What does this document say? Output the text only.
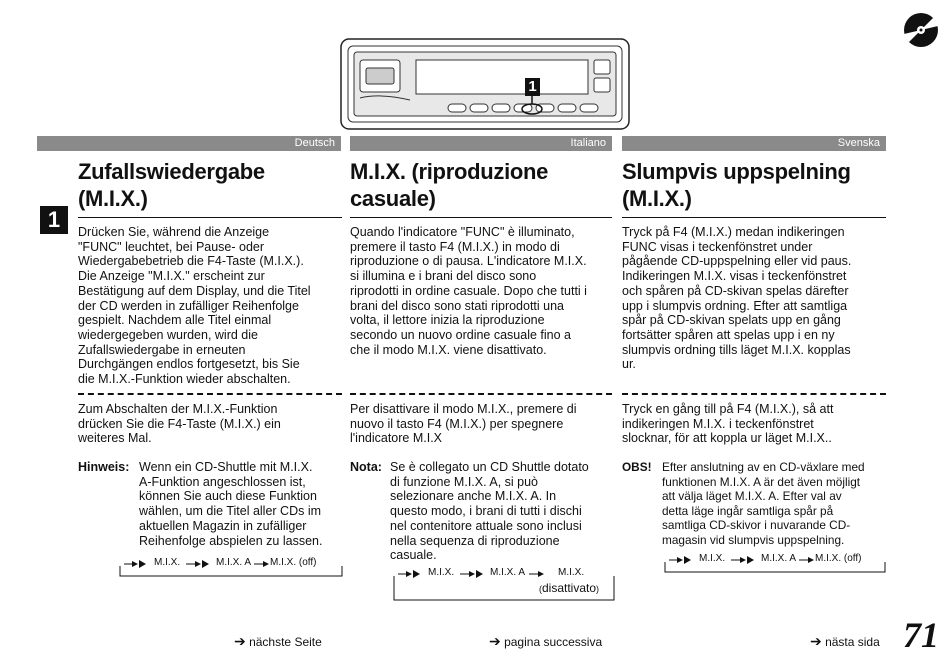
1
1
Deutsch	Italiano	Svenska
Zufallswiedergabe
(M.I.X.)
M.I.X. (riproduzione
casuale)
Slumpvis uppspelning
(M.I.X.)
Drücken Sie, während die Anzeige
"FUNC" leuchtet, bei Pause- oder
Wiedergabebetrieb die F4-Taste (M.I.X.).
Die Anzeige "M.I.X." erscheint zur
Bestätigung auf dem Display, und die Titel
der CD werden in zufälliger Reihenfolge
gespielt. Nachdem alle Titel einmal
wiedergegeben wurden, wird die
Zufallswiedergabe in erneuten
Durchgängen endlos fortgesetzt, bis Sie
die M.I.X.-Funktion wieder abschalten.
Quando l'indicatore "FUNC" è illuminato,
premere il tasto F4 (M.I.X.) in modo di
riproduzione o di pausa. L'indicatore M.I.X.
si illumina e i brani del disco sono
riprodotti in ordine casuale. Dopo che tutti i
brani del disco sono stati riprodotti una
volta, il lettore inizia la riproduzione
secondo un nuovo ordine casuale fino a
che il modo M.I.X. viene disattivato.
Tryck på F4 (M.I.X.) medan indikeringen
FUNC visas i teckenfönstret under
pågående CD-uppspelning eller vid paus.
Indikeringen M.I.X. visas i teckenfönstret
och spåren på CD-skivan spelas därefter
upp i slumpvis ordning. Efter att samtliga
spår på CD-skivan spelats upp en gång
fortsätter spåren att spelas upp i en ny
slumpvis ordning tills läget M.I.X. kopplas
ur.
Zum Abschalten der M.I.X.-Funktion
drücken Sie die F4-Taste (M.I.X.) ein
weiteres Mal.
Per disattivare il modo M.I.X., premere di
nuovo il tasto F4 (M.I.X.) per spegnere
l'indicatore M.I.X
Tryck en gång till på F4 (M.I.X.), så att
indikeringen M.I.X. i teckenfönstret
slocknar, för att koppla ur läget M.I.X..
Hinweis: Wenn ein CD-Shuttle mit M.I.X.
A-Funktion angeschlossen ist,
können Sie auch diese Funktion
wählen, um die Titel aller CDs im
aktuellen Magazin in zufälliger
Reihenfolge abspielen zu lassen.
Nota: Se è collegato un CD Shuttle dotato
di funzione M.I.X. A, si può
selezionare anche M.I.X. A. In
questo modo, i brani di tutti i dischi
nel contenitore attuale sono inclusi
nella sequenza di riproduzione
casuale.
OBS! Efter anslutning av en CD-växlare med
funktionen M.I.X. A är det även möjligt
att välja läget M.I.X. A. Efter val av
detta läge ingår samtliga spår på
samtliga CD-skivor i nuvarande CD-
magasin vid slumpvis uppspelning.
M.I.X.	M.I.X. A M.I.X. (off)
M.I.X.	M.I.X. A	M.I.X.
(disattivato)
M.I.X.	M.I.X. A M.I.X. (off)
➔ nächste Seite	➔ pagina successiva	➔ nästa sida 71
